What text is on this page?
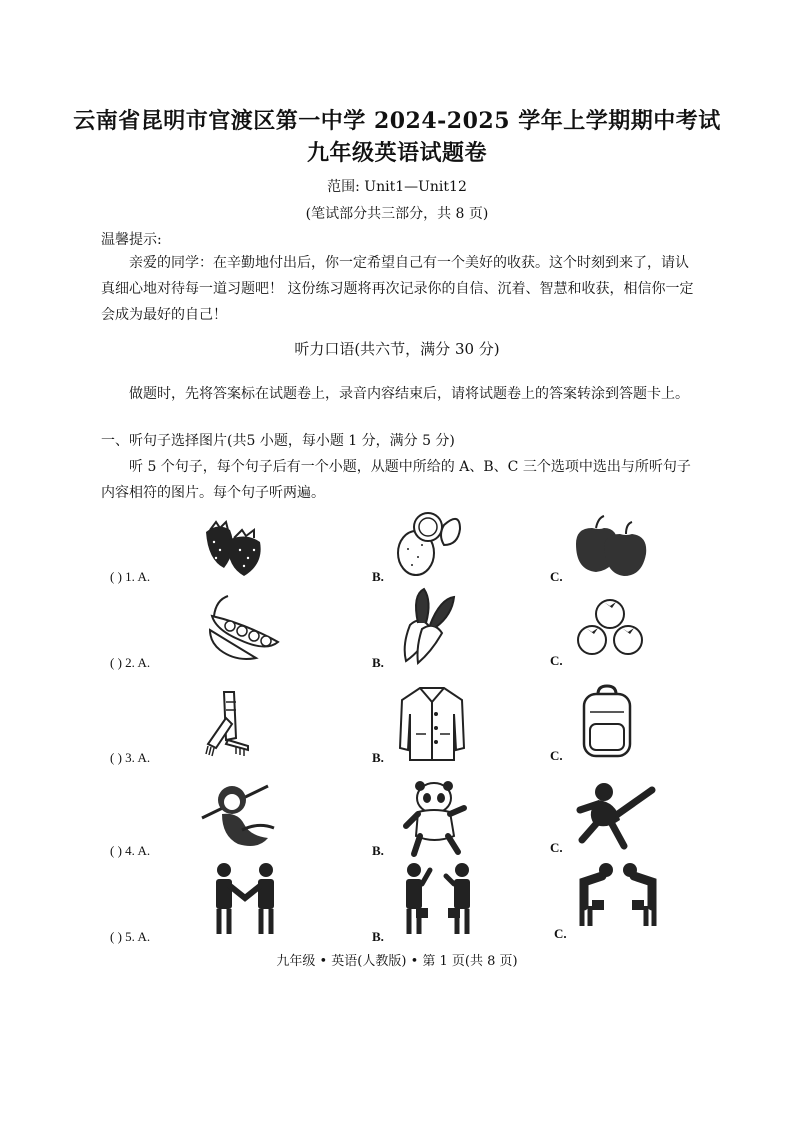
云南省昆明市官渡区第一中学 2024-2025 学年上学期期中考试
九年级英语试题卷
范围: Unit1—Unit12
(笔试部分共三部分，共 8 页)
温馨提示:
亲爱的同学：在辛勤地付出后，你一定希望自己有一个美好的收获。这个时刻到来了，请认真细心地对待每一道习题吧！ 这份练习题将再次记录你的自信、沉着、智慧和收获，相信你一定会成为最好的自己！
听力口语(共六节，满分 30 分)
做题时，先将答案标在试题卷上，录音内容结束后，请将试题卷上的答案转涂到答题卡上。
一、听句子选择图片(共5 小题，每小题 1 分，满分 5 分)
听 5 个句子，每个句子后有一个小题，从题中所给的 A、B、C 三个选项中选出与所听句子内容相符的图片。每个句子听两遍。
( ) 1. A.	B.	C.
( ) 2. A.	B.	C.
( ) 3. A.	B.	C.
( ) 4. A.	B.	C.
( ) 5. A.	B.	C.
九年级 • 英语(人教版) • 第 1 页(共 8 页)
